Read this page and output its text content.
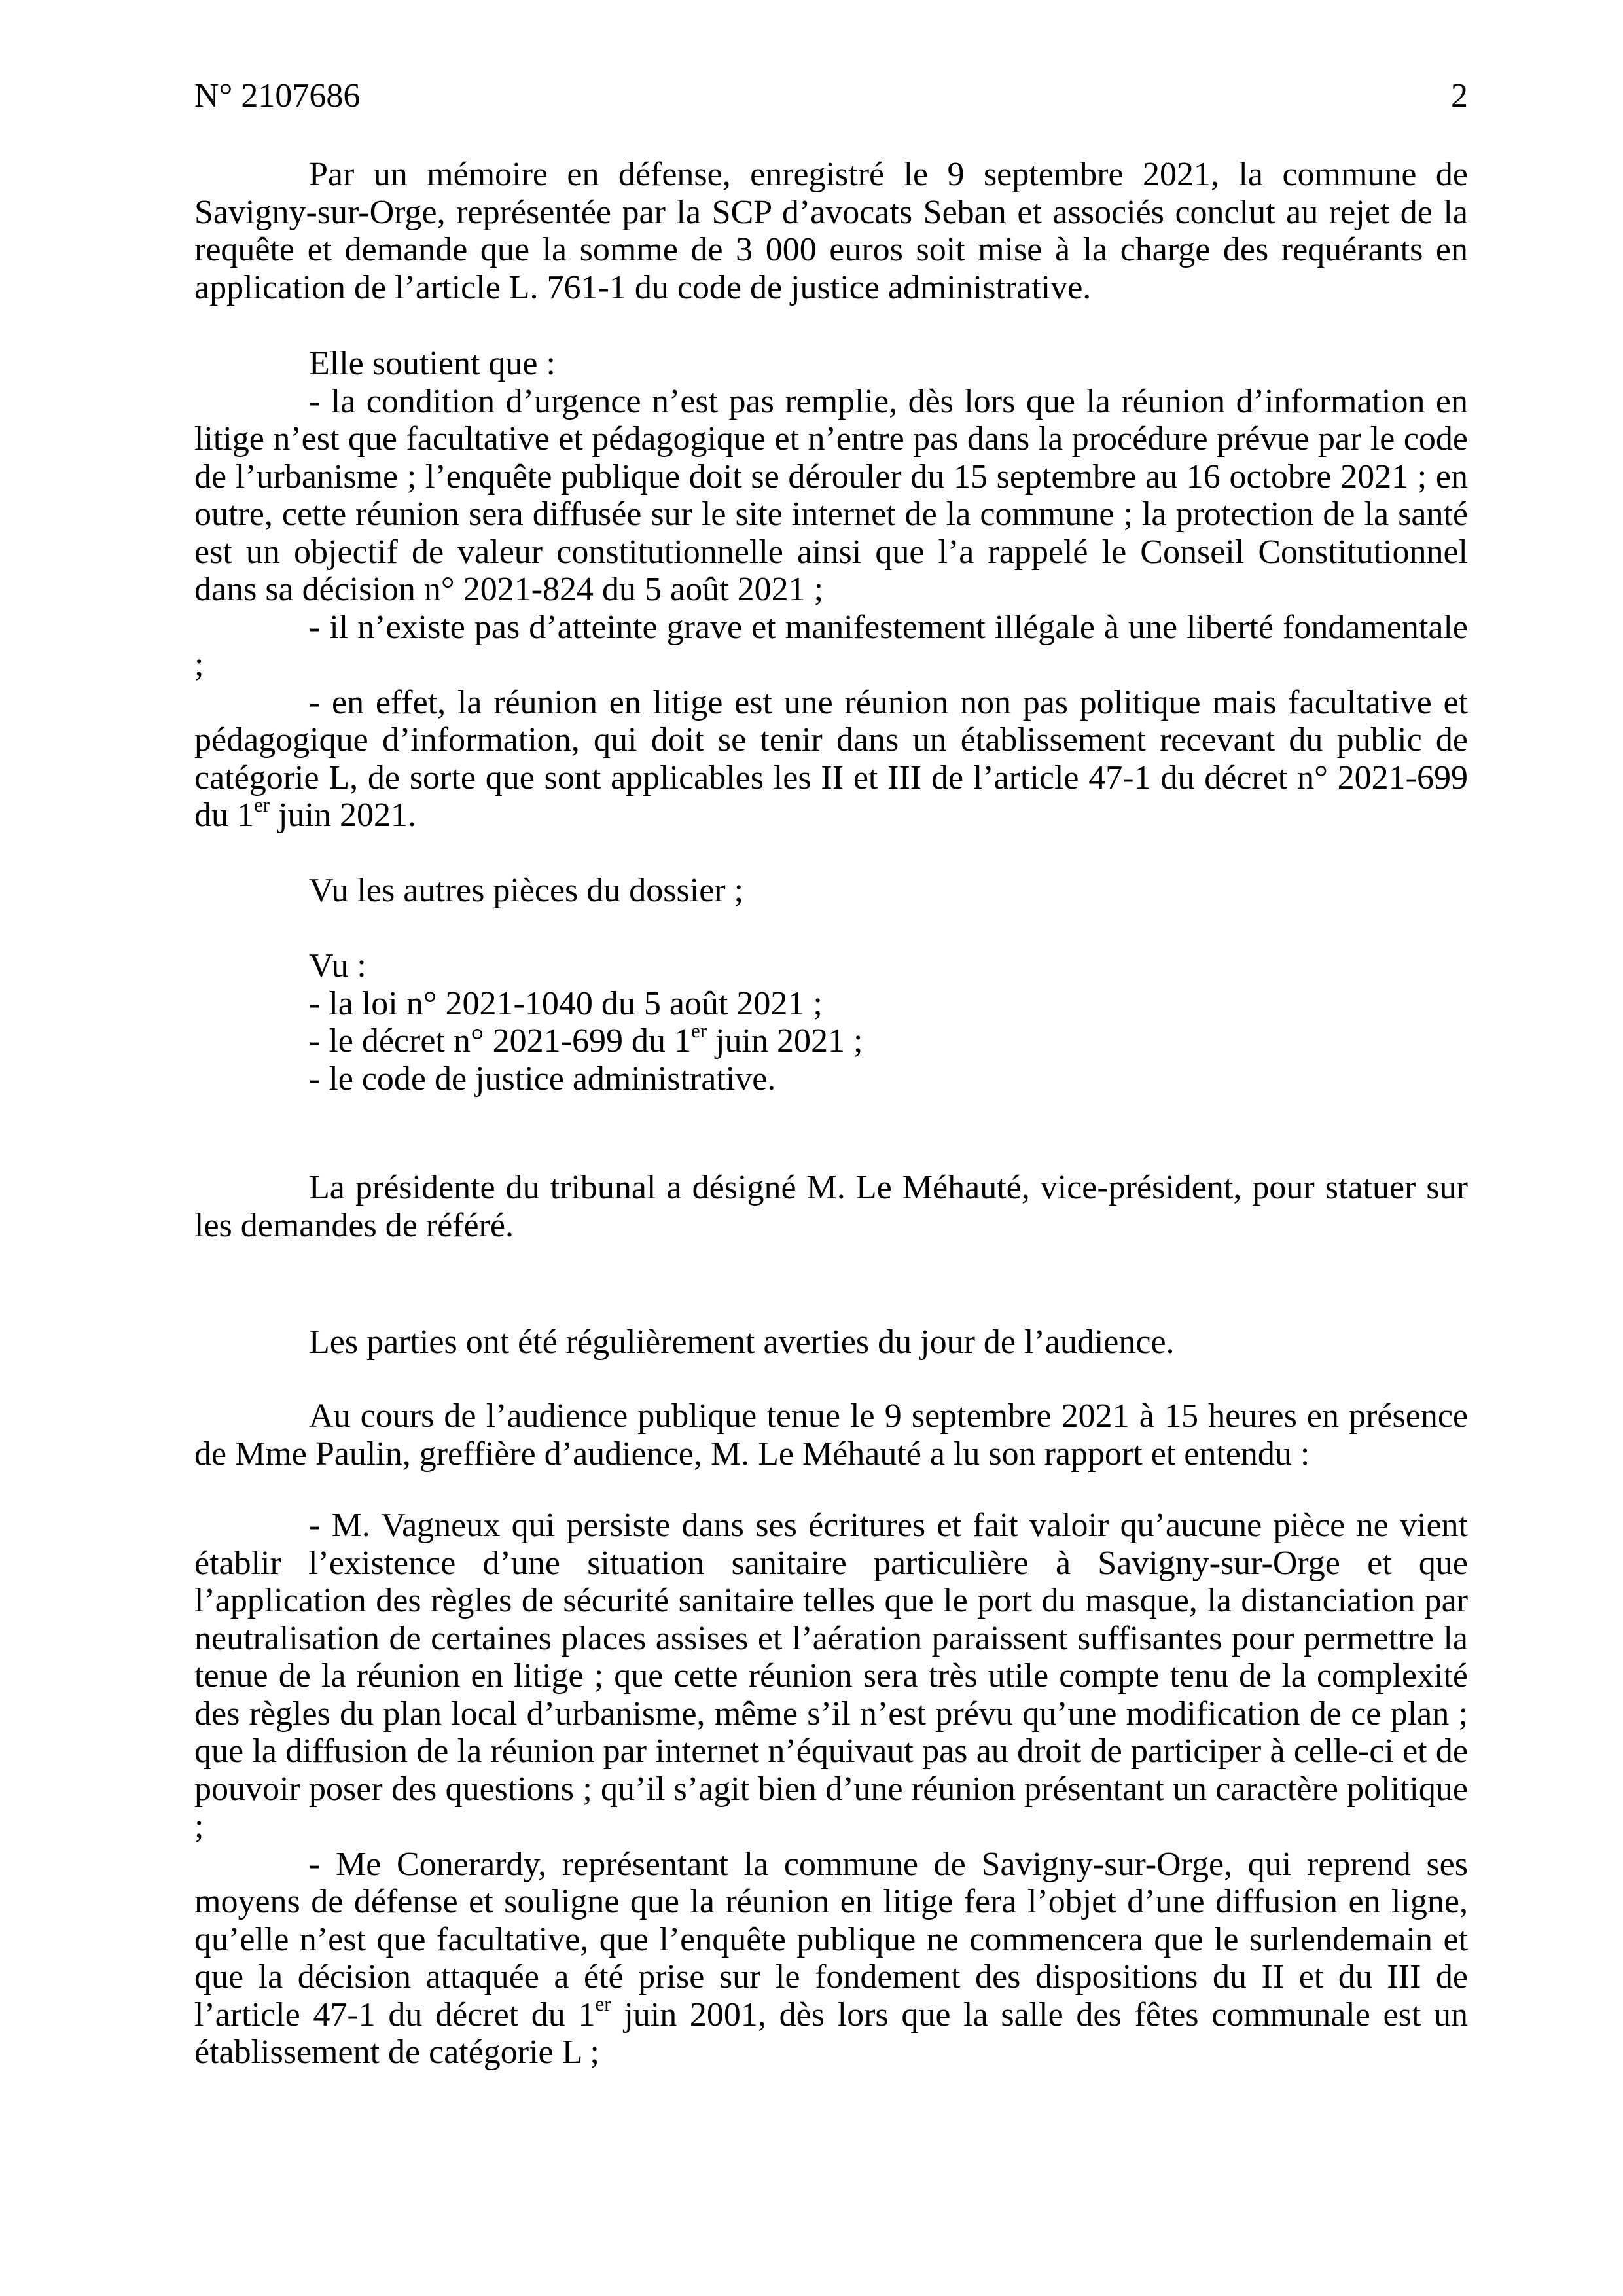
N° 2107686	2

Par un mémoire en défense, enregistré le 9 septembre 2021, la commune de Savigny-sur-Orge, représentée par la SCP d’avocats Seban et associés conclut au rejet de la requête et demande que la somme de 3 000 euros soit mise à la charge des requérants en application de l’article L. 761-1 du code de justice administrative.

Elle soutient que :

- la condition d’urgence n’est pas remplie, dès lors que la réunion d’information en litige n’est que facultative et pédagogique et n’entre pas dans la procédure prévue par le code de l’urbanisme ; l’enquête publique doit se dérouler du 15 septembre au 16 octobre 2021 ; en outre, cette réunion sera diffusée sur le site internet de la commune ; la protection de la santé est un objectif de valeur constitutionnelle ainsi que l’a rappelé le Conseil Constitutionnel dans sa décision n° 2021-824 du 5 août 2021 ;

- il n’existe pas d’atteinte grave et manifestement illégale à une liberté fondamentale ;

- en effet, la réunion en litige est une réunion non pas politique mais facultative et pédagogique d’information, qui doit se tenir dans un établissement recevant du public de catégorie L, de sorte que sont applicables les II et III de l’article 47-1 du décret n° 2021-699 du 1er juin 2021.

Vu les autres pièces du dossier ;

Vu :

- la loi n° 2021-1040 du 5 août 2021 ;

- le décret n° 2021-699 du 1er juin 2021 ;

- le code de justice administrative.

La présidente du tribunal a désigné M. Le Méhauté, vice-président, pour statuer sur les demandes de référé.

Les parties ont été régulièrement averties du jour de l’audience.

Au cours de l’audience publique tenue le 9 septembre 2021 à 15 heures en présence de Mme Paulin, greffière d’audience, M. Le Méhauté a lu son rapport et entendu :

- M. Vagneux qui persiste dans ses écritures et fait valoir qu’aucune pièce ne vient établir l’existence d’une situation sanitaire particulière à Savigny-sur-Orge et que l’application des règles de sécurité sanitaire telles que le port du masque, la distanciation par neutralisation de certaines places assises et l’aération paraissent suffisantes pour permettre la tenue de la réunion en litige ; que cette réunion sera très utile compte tenu de la complexité des règles du plan local d’urbanisme, même s’il n’est prévu qu’une modification de ce plan ; que la diffusion de la réunion par internet n’équivaut pas au droit de participer à celle-ci et de pouvoir poser des questions ; qu’il s’agit bien d’une réunion présentant un caractère politique ;

- Me Conerardy, représentant la commune de Savigny-sur-Orge, qui reprend ses moyens de défense et souligne que la réunion en litige fera l’objet d’une diffusion en ligne, qu’elle n’est que facultative, que l’enquête publique ne commencera que le surlendemain et que la décision attaquée a été prise sur le fondement des dispositions du II et du III de l’article 47-1 du décret du 1er juin 2001, dès lors que la salle des fêtes communale est un établissement de catégorie L ;
